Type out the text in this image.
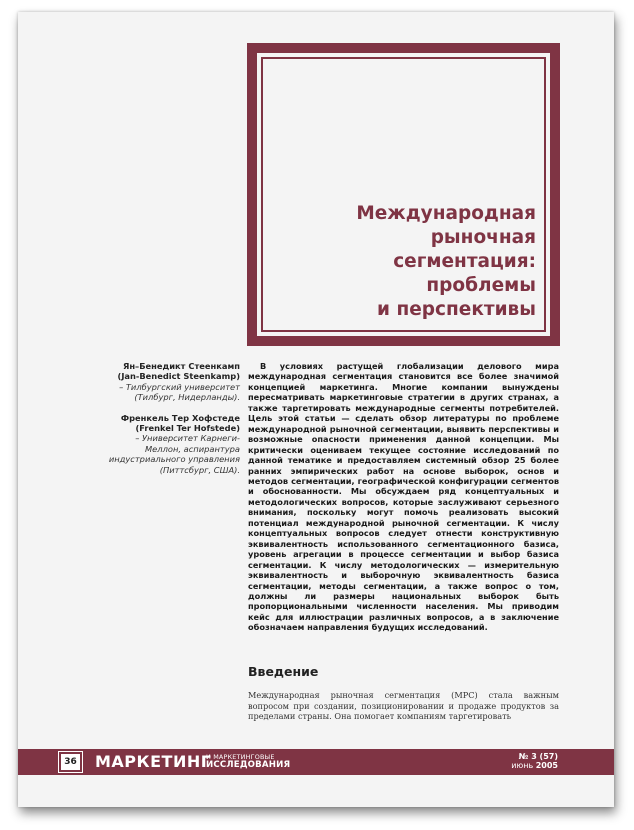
Международная
рыночная
сегментация:
проблемы
и перспективы
Ян–Бенедикт Стеенкамп
(Jan-Benedict Steenkamp)
– Тилбургский университет
(Тилбург, Нидерланды).
Френкель Тер Хофстеде
(Frenkel Ter Hofstede)
– Университет Карнеги-
Меллон, аспирантура
индустриального управления
(Питтсбург, США).

В условиях растущей глобализации делового мира международная сегментация становится все более значимой концепцией маркетинга. Многие компании вынуждены пересматривать маркетинговые стратегии в других странах, а также таргетировать международные сегменты потребителей. Цель этой статьи — сделать обзор литературы по проблеме международной рыночной сегментации, выявить перспективы и возможные опасности применения данной концепции. Мы критически оцениваем текущее состояние исследований по данной тематике и предоставляем системный обзор 25 более ранних эмпирических работ на основе выборок, основ и методов сегментации, географической конфигурации сегментов и обоснованности. Мы обсуждаем ряд концептуальных и методологических вопросов, которые заслуживают серьезного внимания, поскольку могут помочь реализовать высокий потенциал международной рыночной сегментации. К числу концептуальных вопросов следует отнести конструктивную эквивалентность использованного сегментационного базиса, уровень агрегации в процессе сегментации и выбор базиса сегментации. К числу методологических — измерительную эквивалентность и выборочную эквивалентность базиса сегментации, методы сегментации, а также вопрос о том, должны ли размеры национальных выборок быть пропорциональными численности населения. Мы приводим кейс для иллюстрации различных вопросов, а в заключение обозначаем направления будущих исследований.

Введение

Международная рыночная сегментация (МРС) стала важным вопросом при создании, позиционировании и продаже продуктов за пределами страны. Она помогает компаниям таргетировать

36 МАРКЕТИНГ
И МАРКЕТИНГОВЫЕ
ИССЛЕДОВАНИЯ
№ 3 (57)
июнь 2005
